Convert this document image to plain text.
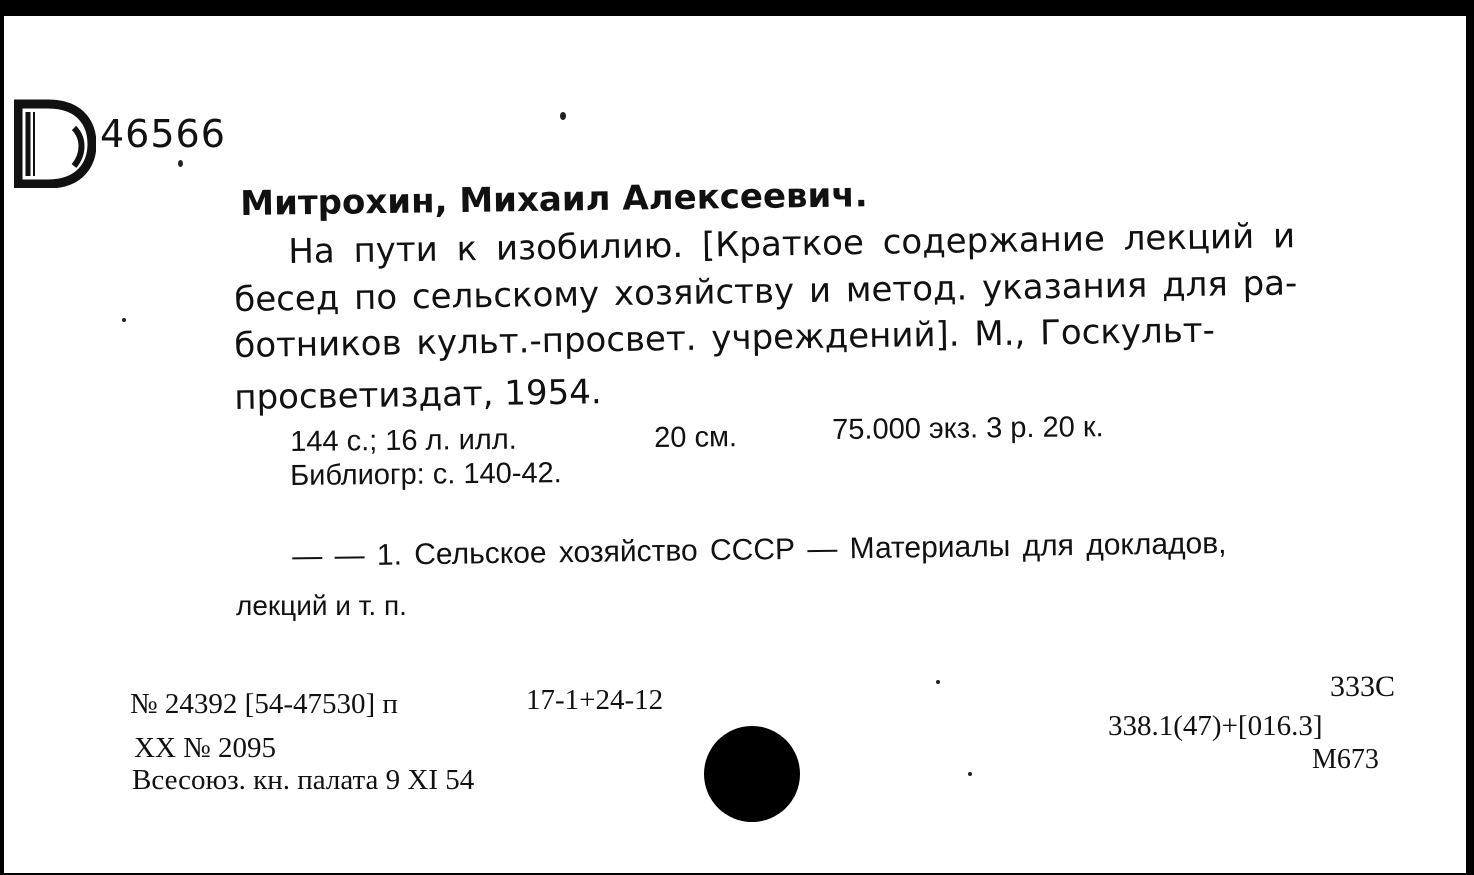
46566
Митрохин, Михаил Алексеевич.
На пути к изобилию. [Краткое содержание лекций и
бесед по сельскому хозяйству и метод. указания для ра-
ботников культ.-просвет. учреждений]. М., Госкульт-
просветиздат, 1954.
144 с.; 16 л. илл.	20 см.	75.000 экз. 3 р. 20 к.
Библиогр: с. 140-42.
— — 1. Сельское хозяйство СССР — Материалы для докладов,
лекций и т. п.
№ 24392 [54-47530] п	17-1+24-12
XX № 2095
Всесоюз. кн. палата 9 XI 54
333С
338.1(47)+[016.3]
М673
